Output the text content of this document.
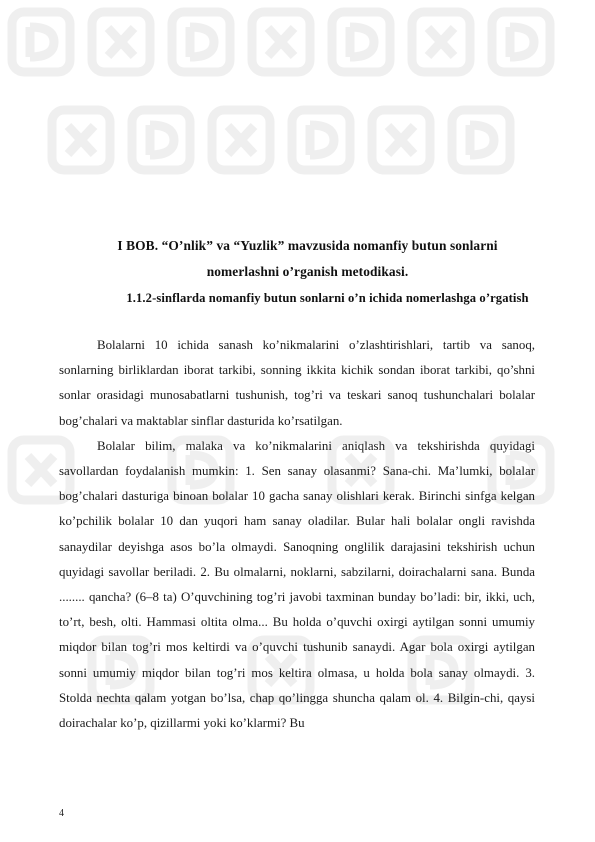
I BOB. “O’nlik” va “Yuzlik” mavzusida nomanfiy butun sonlarni nomerlashni o’rganish metodikasi.
1.1.2-sinflarda nomanfiy butun sonlarni o’n ichida nomerlashga o’rgatish

Bolalarni 10 ichida sanash ko’nikmalarini o’zlashtirishlari, tartib va sanoq, sonlarning birliklardan iborat tarkibi, sonning ikkita kichik sondan iborat tarkibi, qo’shni sonlar orasidagi munosabatlarni tushunish, tog’ri va teskari sanoq tushunchalari bolalar bog’chalari va maktablar sinflar dasturida ko’rsatilgan.

Bolalar bilim, malaka va ko’nikmalarini aniqlash va tekshirishda quyidagi savollardan foydalanish mumkin: 1. Sen sanay olasanmi? Sana-chi. Ma’lumki, bolalar bog’chalari dasturiga binoan bolalar 10 gacha sanay olishlari kerak. Birinchi sinfga kelgan ko’pchilik bolalar 10 dan yuqori ham sanay oladilar. Bular hali bolalar ongli ravishda sanaydilar deyishga asos bo’la olmaydi. Sanoqning onglilik darajasini tekshirish uchun quyidagi savollar beriladi. 2. Bu olmalarni, noklarni, sabzilarni, doirachalarni sana. Bunda ........ qancha? (6–8 ta) O’quvchining tog’ri javobi taxminan bunday bo’ladi: bir, ikki, uch, to’rt, besh, olti. Hammasi oltita olma... Bu holda o’quvchi oxirgi aytilgan sonni umumiy miqdor bilan tog’ri mos keltirdi va o’quvchi tushunib sanaydi. Agar bola oxirgi aytilgan sonni umumiy miqdor bilan tog’ri mos keltira olmasa, u holda bola sanay olmaydi. 3. Stolda nechta qalam yotgan bo’lsa, chap qo’lingga shuncha qalam ol. 4. Bilgin-chi, qaysi doirachalar ko’p, qizillarmi yoki ko’klarmi? Bu

4
